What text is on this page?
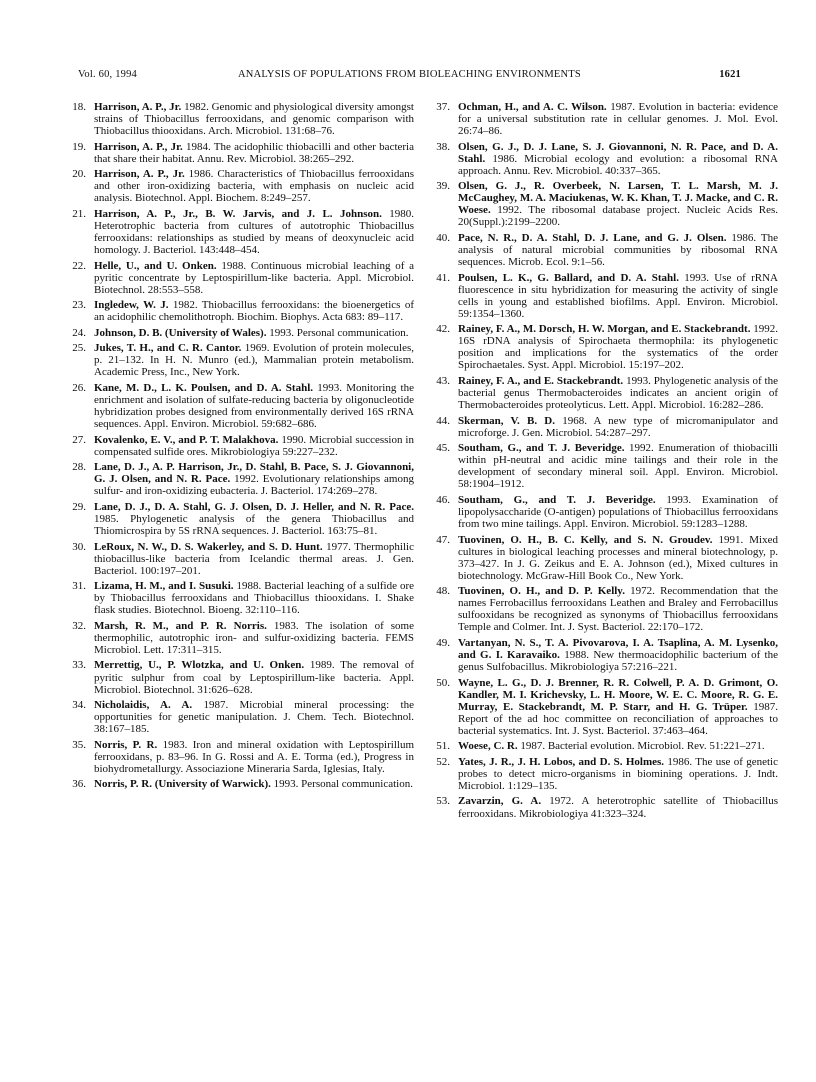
Vol. 60, 1994	ANALYSIS OF POPULATIONS FROM BIOLEACHING ENVIRONMENTS	1621
18. Harrison, A. P., Jr. 1982. Genomic and physiological diversity amongst strains of Thiobacillus ferrooxidans, and genomic comparison with Thiobacillus thiooxidans. Arch. Microbiol. 131:68–76.
19. Harrison, A. P., Jr. 1984. The acidophilic thiobacilli and other bacteria that share their habitat. Annu. Rev. Microbiol. 38:265–292.
20. Harrison, A. P., Jr. 1986. Characteristics of Thiobacillus ferrooxidans and other iron-oxidizing bacteria, with emphasis on nucleic acid analysis. Biotechnol. Appl. Biochem. 8:249–257.
21. Harrison, A. P., Jr., B. W. Jarvis, and J. L. Johnson. 1980. Heterotrophic bacteria from cultures of autotrophic Thiobacillus ferrooxidans: relationships as studied by means of deoxynucleic acid homology. J. Bacteriol. 143:448–454.
22. Helle, U., and U. Onken. 1988. Continuous microbial leaching of a pyritic concentrate by Leptospirillum-like bacteria. Appl. Microbiol. Biotechnol. 28:553–558.
23. Ingledew, W. J. 1982. Thiobacillus ferrooxidans: the bioenergetics of an acidophilic chemolithotroph. Biochim. Biophys. Acta 683: 89–117.
24. Johnson, D. B. (University of Wales). 1993. Personal communication.
25. Jukes, T. H., and C. R. Cantor. 1969. Evolution of protein molecules, p. 21–132. In H. N. Munro (ed.), Mammalian protein metabolism. Academic Press, Inc., New York.
26. Kane, M. D., L. K. Poulsen, and D. A. Stahl. 1993. Monitoring the enrichment and isolation of sulfate-reducing bacteria by oligonucleotide hybridization probes designed from environmentally derived 16S rRNA sequences. Appl. Environ. Microbiol. 59:682–686.
27. Kovalenko, E. V., and P. T. Malakhova. 1990. Microbial succession in compensated sulfide ores. Mikrobiologiya 59:227–232.
28. Lane, D. J., A. P. Harrison, Jr., D. Stahl, B. Pace, S. J. Giovannoni, G. J. Olsen, and N. R. Pace. 1992. Evolutionary relationships among sulfur- and iron-oxidizing eubacteria. J. Bacteriol. 174:269–278.
29. Lane, D. J., D. A. Stahl, G. J. Olsen, D. J. Heller, and N. R. Pace. 1985. Phylogenetic analysis of the genera Thiobacillus and Thiomicrospira by 5S rRNA sequences. J. Bacteriol. 163:75–81.
30. LeRoux, N. W., D. S. Wakerley, and S. D. Hunt. 1977. Thermophilic thiobacillus-like bacteria from Icelandic thermal areas. J. Gen. Bacteriol. 100:197–201.
31. Lizama, H. M., and I. Susuki. 1988. Bacterial leaching of a sulfide ore by Thiobacillus ferrooxidans and Thiobacillus thiooxidans. I. Shake flask studies. Biotechnol. Bioeng. 32:110–116.
32. Marsh, R. M., and P. R. Norris. 1983. The isolation of some thermophilic, autotrophic iron- and sulfur-oxidizing bacteria. FEMS Microbiol. Lett. 17:311–315.
33. Merrettig, U., P. Wlotzka, and U. Onken. 1989. The removal of pyritic sulphur from coal by Leptospirillum-like bacteria. Appl. Microbiol. Biotechnol. 31:626–628.
34. Nicholaidis, A. A. 1987. Microbial mineral processing: the opportunities for genetic manipulation. J. Chem. Tech. Biotechnol. 38:167–185.
35. Norris, P. R. 1983. Iron and mineral oxidation with Leptospirillum ferrooxidans, p. 83–96. In G. Rossi and A. E. Torma (ed.), Progress in biohydrometallurgy. Associazione Mineraria Sarda, Iglesias, Italy.
36. Norris, P. R. (University of Warwick). 1993. Personal communication.
37. Ochman, H., and A. C. Wilson. 1987. Evolution in bacteria: evidence for a universal substitution rate in cellular genomes. J. Mol. Evol. 26:74–86.
38. Olsen, G. J., D. J. Lane, S. J. Giovannoni, N. R. Pace, and D. A. Stahl. 1986. Microbial ecology and evolution: a ribosomal RNA approach. Annu. Rev. Microbiol. 40:337–365.
39. Olsen, G. J., R. Overbeek, N. Larsen, T. L. Marsh, M. J. McCaughey, M. A. Maciukenas, W. K. Khan, T. J. Macke, and C. R. Woese. 1992. The ribosomal database project. Nucleic Acids Res. 20(Suppl.):2199–2200.
40. Pace, N. R., D. A. Stahl, D. J. Lane, and G. J. Olsen. 1986. The analysis of natural microbial communities by ribosomal RNA sequences. Microb. Ecol. 9:1–56.
41. Poulsen, L. K., G. Ballard, and D. A. Stahl. 1993. Use of rRNA fluorescence in situ hybridization for measuring the activity of single cells in young and established biofilms. Appl. Environ. Microbiol. 59:1354–1360.
42. Rainey, F. A., M. Dorsch, H. W. Morgan, and E. Stackebrandt. 1992. 16S rDNA analysis of Spirochaeta thermophila: its phylogenetic position and implications for the systematics of the order Spirochaetales. Syst. Appl. Microbiol. 15:197–202.
43. Rainey, F. A., and E. Stackebrandt. 1993. Phylogenetic analysis of the bacterial genus Thermobacteroides indicates an ancient origin of Thermobacteroides proteolyticus. Lett. Appl. Microbiol. 16:282–286.
44. Skerman, V. B. D. 1968. A new type of micromanipulator and microforge. J. Gen. Microbiol. 54:287–297.
45. Southam, G., and T. J. Beveridge. 1992. Enumeration of thiobacilli within pH-neutral and acidic mine tailings and their role in the development of secondary mineral soil. Appl. Environ. Microbiol. 58:1904–1912.
46. Southam, G., and T. J. Beveridge. 1993. Examination of lipopolysaccharide (O-antigen) populations of Thiobacillus ferrooxidans from two mine tailings. Appl. Environ. Microbiol. 59:1283–1288.
47. Tuovinen, O. H., B. C. Kelly, and S. N. Groudev. 1991. Mixed cultures in biological leaching processes and mineral biotechnology, p. 373–427. In J. G. Zeikus and E. A. Johnson (ed.), Mixed cultures in biotechnology. McGraw-Hill Book Co., New York.
48. Tuovinen, O. H., and D. P. Kelly. 1972. Recommendation that the names Ferrobacillus ferrooxidans Leathen and Braley and Ferrobacillus sulfooxidans be recognized as synonyms of Thiobacillus ferrooxidans Temple and Colmer. Int. J. Syst. Bacteriol. 22:170–172.
49. Vartanyan, N. S., T. A. Pivovarova, I. A. Tsaplina, A. M. Lysenko, and G. I. Karavaiko. 1988. New thermoacidophilic bacterium of the genus Sulfobacillus. Mikrobiologiya 57:216–221.
50. Wayne, L. G., D. J. Brenner, R. R. Colwell, P. A. D. Grimont, O. Kandler, M. I. Krichevsky, L. H. Moore, W. E. C. Moore, R. G. E. Murray, E. Stackebrandt, M. P. Starr, and H. G. Trüper. 1987. Report of the ad hoc committee on reconciliation of approaches to bacterial systematics. Int. J. Syst. Bacteriol. 37:463–464.
51. Woese, C. R. 1987. Bacterial evolution. Microbiol. Rev. 51:221–271.
52. Yates, J. R., J. H. Lobos, and D. S. Holmes. 1986. The use of genetic probes to detect micro-organisms in biomining operations. J. Indt. Microbiol. 1:129–135.
53. Zavarzin, G. A. 1972. A heterotrophic satellite of Thiobacillus ferrooxidans. Mikrobiologiya 41:323–324.
